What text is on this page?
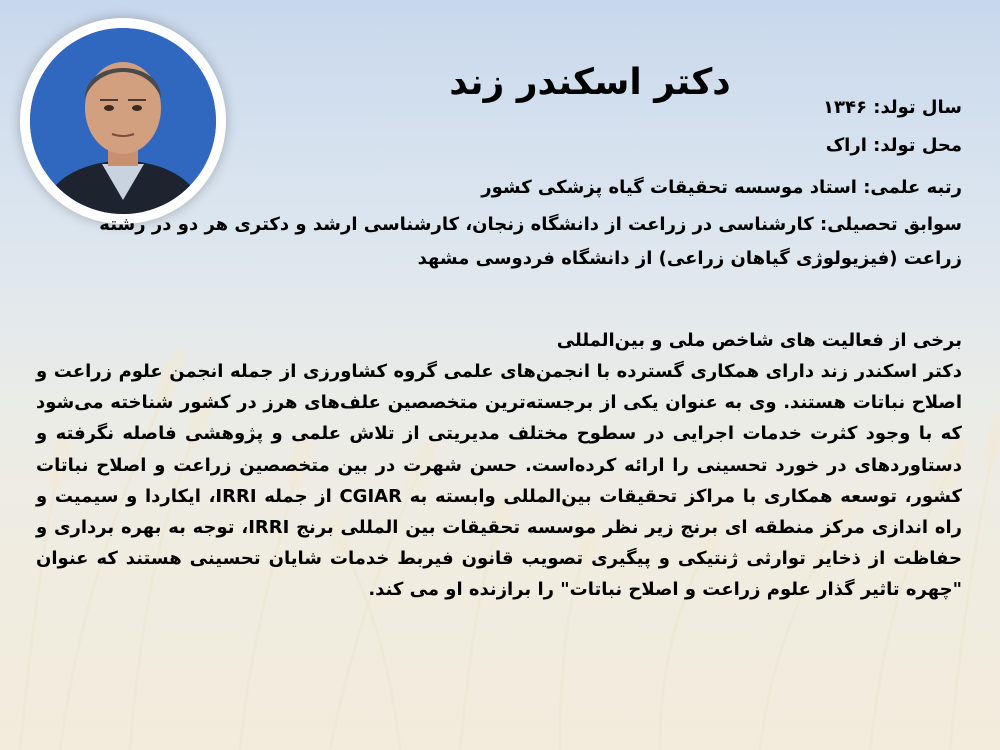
دکتر اسکندر زند
سال تولد: ۱۳۴۶
محل تولد: اراک
رتبه علمی: استاد موسسه تحقیقات گیاه پزشکی کشور
سوابق تحصیلی: کارشناسی در زراعت از دانشگاه زنجان، کارشناسی ارشد و دکتری هر دو در رشته زراعت (فیزیولوژی گیاهان زراعی) از دانشگاه فردوسی مشهد
برخی از فعالیت های شاخص ملی و بین‌المللی
دکتر اسکندر زند دارای همکاری گسترده با انجمن‌های علمی گروه کشاورزی از جمله انجمن علوم زراعت و اصلاح نباتات هستند. وی به عنوان یکی از برجسته‌ترین متخصصین علف‌های هرز در کشور شناخته می‌شود که با وجود کثرت خدمات اجرایی در سطوح مختلف مدیریتی از تلاش علمی و پژوهشی فاصله نگرفته و دستاوردهای در خورد تحسینی را ارائه کرده‌است. حسن شهرت در بین متخصصین زراعت و اصلاح نباتات کشور، توسعه همکاری با مراکز تحقیقات بین‌المللی وابسته به CGIAR از جمله IRRI، ایکاردا و سیمیت و راه اندازی مرکز منطقه ای برنج زیر نظر موسسه تحقیقات بین المللی برنج IRRI، توجه به بهره برداری و حفاظت از ذخایر توارثی ژنتیکی و پیگیری تصویب قانون فیربط خدمات شایان تحسینی هستند که عنوان "چهره تاثیر گذار علوم زراعت و اصلاح نباتات" را برازنده او می کند.
